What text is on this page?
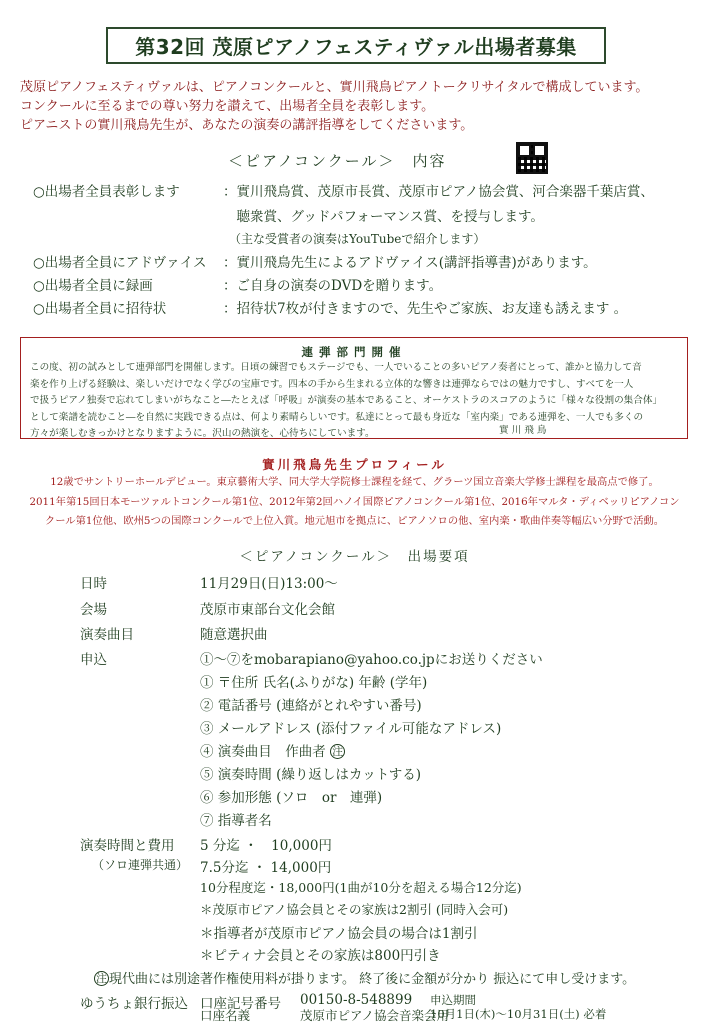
第32回 茂原ピアノフェスティヴァル出場者募集
茂原ピアノフェスティヴァルは、ピアノコンクールと、實川飛鳥ピアノトークリサイタルで構成しています。
コンクールに至るまでの尊い努力を讃えて、出場者全員を表彰します。
ピアニストの實川飛鳥先生が、あなたの演奏の講評指導をしてくださいます。
＜ピアノコンクール＞　内容
○出場者全員表彰します	：實川飛鳥賞、茂原市長賞、茂原市ピアノ協会賞、河合楽器千葉店賞、
　聴衆賞、グッドパフォーマンス賞、を授与します。
　（主な受賞者の演奏はYouTubeで紹介します）
○出場者全員にアドヴァイス ：實川飛鳥先生によるアドヴァイス(講評指導書)があります。
○出場者全員に録画	：ご自身の演奏のDVDを贈ります。
○出場者全員に招待状	：招待状7枚が付きますので、先生やご家族、お友達も誘えます 。
連弾部門開催
この度、初の試みとして連弾部門を開催します。日頃の練習でもステージでも、一人でいることの多いピアノ奏者にとって、誰かと協力して音
楽を作り上げる経験は、楽しいだけでなく学びの宝庫です。四本の手から生まれる立体的な響きは連弾ならではの魅力ですし、すべてを一人
で扱うピアノ独奏で忘れてしまいがちなこと―たとえば「呼吸」が演奏の基本であること、オーケストラのスコアのように「様々な役割の集合体」
として楽譜を読むこと―を自然に実践できる点は、何より素晴らしいです。私達にとって最も身近な「室内楽」である連弾を、一人でも多くの
方々が楽しむきっかけとなりますように。沢山の熱演を、心待ちにしています。	實 川 飛 鳥
實川飛鳥先生プロフィール
12歳でサントリーホールデビュー。東京藝術大学、同大学大学院修士課程を経て、グラーツ国立音楽大学修士課程を最高点で修了。
2011年第15回日本モーツァルトコンクール第1位、2012年第2回ハノイ国際ピアノコンクール第1位、2016年マルタ・ディベッリピアノコン
クール第1位他、欧州5つの国際コンクールで上位入賞。地元旭市を拠点に、ピアノソロの他、室内楽・歌曲伴奏等幅広い分野で活動。
＜ピアノコンクール＞　出場要項
日時	11月29日(日)13:00～
会場	茂原市東部台文化会館
演奏曲目	随意選択曲
申込	①～⑦をmobarapiano@yahoo.co.jpにお送りください
① 〒住所 氏名(ふりがな) 年齢 (学年)
② 電話番号 (連絡がとれやすい番号)
③ メールアドレス (添付ファイル可能なアドレス)
④ 演奏曲目　作曲者 注
⑤ 演奏時間 (繰り返しはカットする)
⑥ 参加形態 (ソロ　or　連弾)
⑦ 指導者名
演奏時間と費用
（ソロ連弾共通）
5 分迄 ・　10,000円
7.5分迄 ・ 14,000円
10分程度迄・18,000円(1曲が10分を超える場合12分迄)
＊茂原市ピアノ協会員とその家族は2割引 (同時入会可)
＊指導者が茂原市ピアノ協会員の場合は1割引
＊ピティナ会員とその家族は800円引き
注 現代曲には別途著作権使用料が掛ります。 終了後に金額が分かり 振込にて申し受けます。
ゆうちょ銀行振込 口座記号番号 00150-8-548899
口座名義	茂原市ピアノ協会音楽会用
申込期間
10月1日(木)～10月31日(土) 必着
